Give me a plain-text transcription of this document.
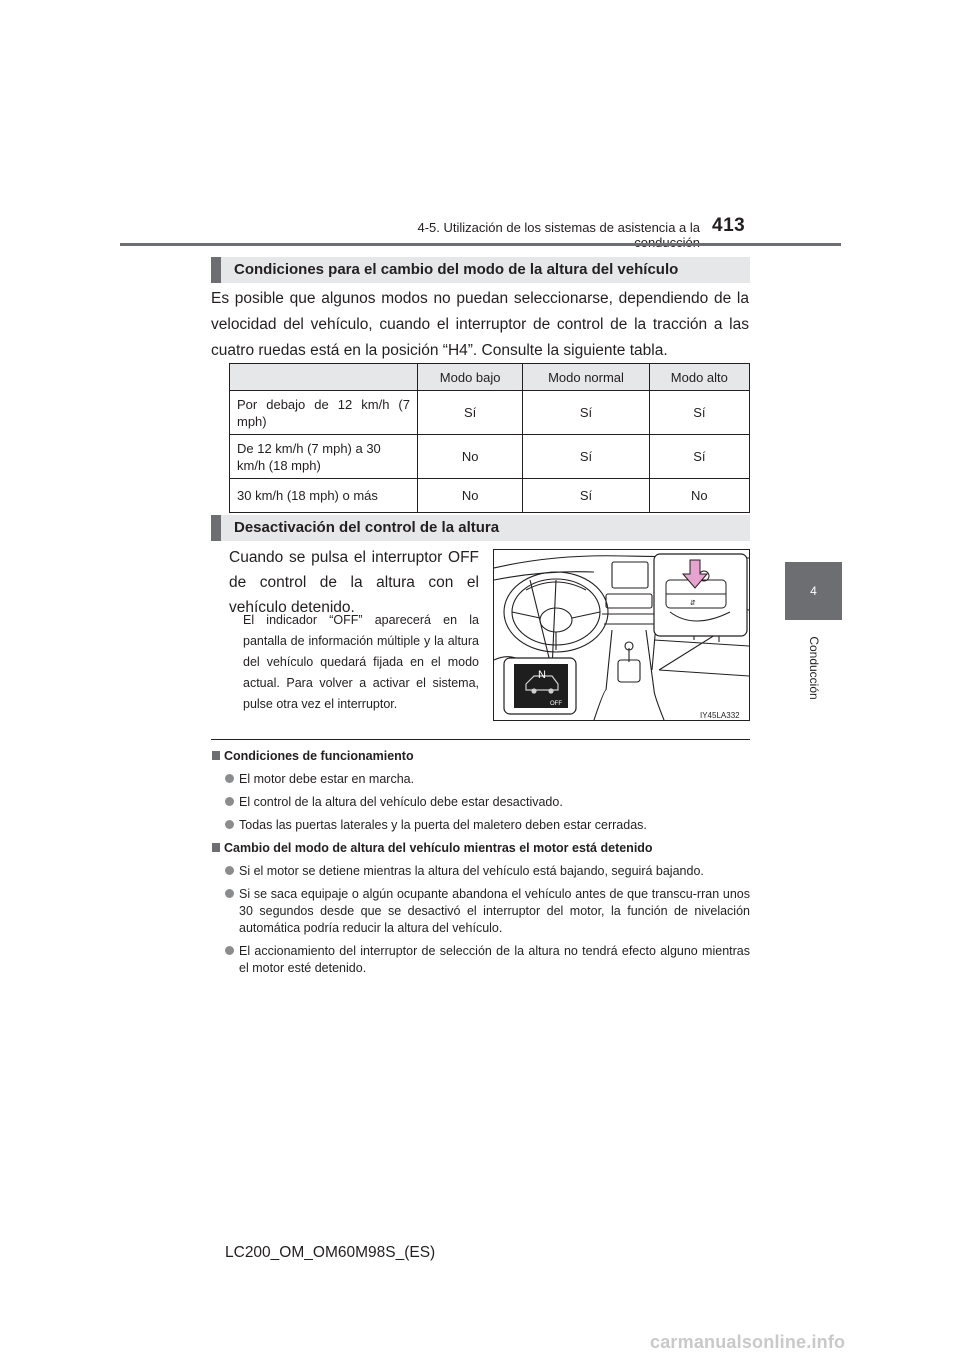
4-5. Utilización de los sistemas de asistencia a la 413
4
Conducción
Condiciones para el cambio del modo de la altura del vehículo
Es posible que algunos modos no puedan seleccionarse, dependiendo de la velocidad del vehículo, cuando el interruptor de control de la tracción a las cuatro ruedas está en la posición “H4”. Consulte la siguiente tabla.
	Modo bajo	Modo normal	Modo alto
Por debajo de 12 km/h (7 mph)	Sí	Sí	Sí
De 12 km/h (7 mph) a 30 km/h (18 mph)	No	Sí	Sí
30 km/h (18 mph) o más	No	Sí	No
Desactivación del control de la altura
Cuando se pulsa el interruptor OFF de control de la altura con el vehículo detenido.
El indicador “OFF” aparecerá en la pantalla de información múltiple y la altura del vehículo quedará fijada en el modo actual. Para volver a activar el sistema, pulse otra vez el interruptor.
⇵
N
OFF
IY45LA332

Condiciones de funcionamiento

El motor debe estar en marcha.

El control de la altura del vehículo debe estar desactivado.

Todas las puertas laterales y la puerta del maletero deben estar cerradas.

Cambio del modo de altura del vehículo mientras el motor está detenido

Si el motor se detiene mientras la altura del vehículo está bajando, seguirá bajando.

Si se saca equipaje o algún ocupante abandona el vehículo antes de que transcu-rran unos 30 segundos desde que se desactivó el interruptor del motor, la función de nivelación automática podría reducir la altura del vehículo.

El accionamiento del interruptor de selección de la altura no tendrá efecto alguno mientras el motor esté detenido.

LC200_OM_OM60M98S_(ES)
carmanualsonline.info
